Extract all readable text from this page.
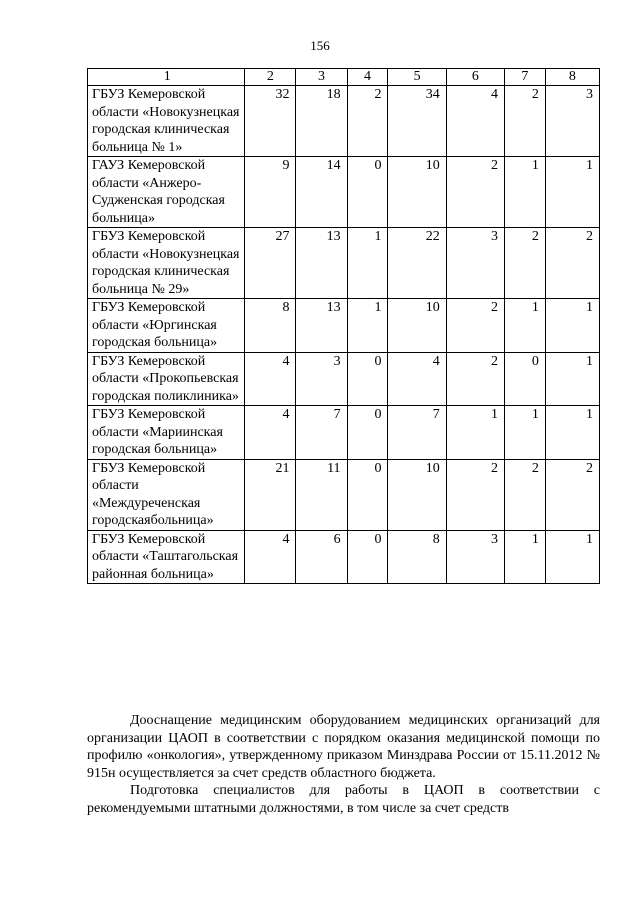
156
1	2	3	4	5	6	7	8
ГБУЗ Кемеровской области «Новокузнецкая городская клиническая больница № 1»	32	18	2	34	4	2	3
ГАУЗ Кемеровской области «Анжеро-Судженская городская больница»	9	14	0	10	2	1	1
ГБУЗ Кемеровской области «Новокузнецкая городская клиническая больница № 29»	27	13	1	22	3	2	2
ГБУЗ Кемеровской области «Юргинская городская больница»	8	13	1	10	2	1	1
ГБУЗ Кемеровской области «Прокопьевская городская поликлиника»	4	3	0	4	2	0	1
ГБУЗ Кемеровской области «Мариинская городская больница»	4	7	0	7	1	1	1
ГБУЗ Кемеровской области «Междуреченская городскаябольница»	21	11	0	10	2	2	2
ГБУЗ Кемеровской области «Таштагольская районная больница»	4	6	0	8	3	1	1

Дооснащение медицинским оборудованием медицинских организаций для организации ЦАОП в соответствии с порядком оказания медицинской помощи по профилю «онкология», утвержденному приказом Минздрава России от 15.11.2012 № 915н осуществляется за счет средств областного бюджета.

Подготовка специалистов для работы в ЦАОП в соответствии с рекомендуемыми штатными должностями, в том числе за счет средств
